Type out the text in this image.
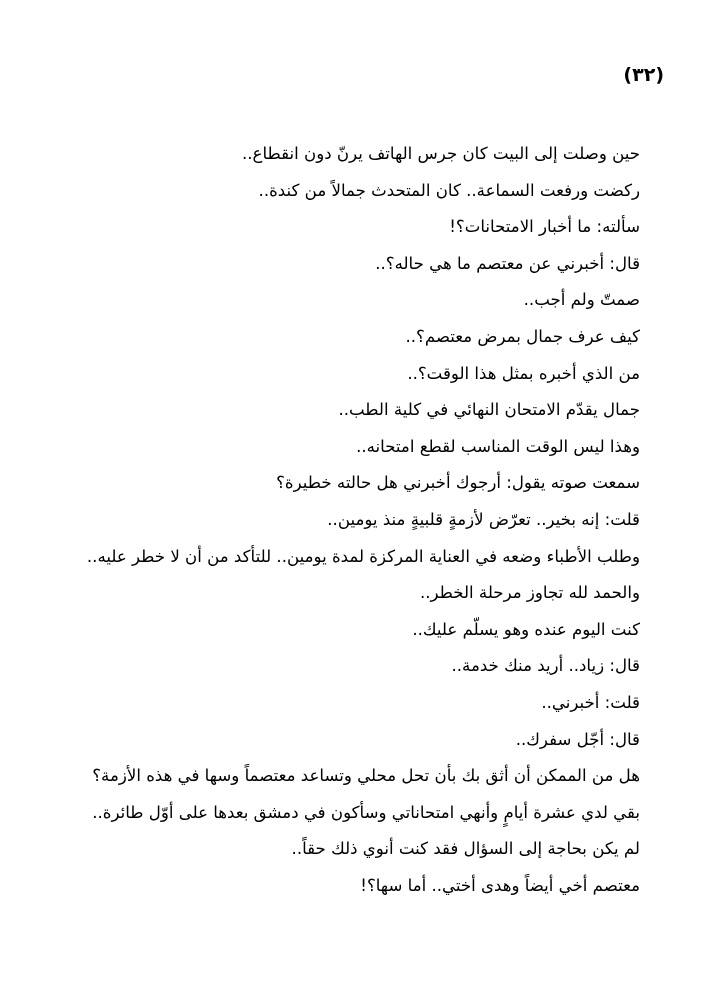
(٣٢)
حين وصلت إلى البيت كان جرس الهاتف يرنّ دون انقطاع..
ركضت ورفعت السماعة.. كان المتحدث جمالاً من كندة..
سألته: ما أخبار الامتحانات؟!
قال: أخبرني عن معتصم ما هي حاله؟..
صمتّ ولم أجب..
كيف عرف جمال بمرض معتصم؟..
من الذي أخبره بمثل هذا الوقت؟..
جمال يقدّم الامتحان النهائي في كلية الطب..
وهذا ليس الوقت المناسب لقطع امتحانه..
سمعت صوته يقول: أرجوك أخبرني هل حالته خطيرة؟
قلت: إنه بخير.. تعرّض لأزمةٍ قلبيةٍ منذ يومين..
وطلب الأطباء وضعه في العناية المركزة لمدة يومين.. للتأكد من أن لا خطر عليه..
والحمد لله تجاوز مرحلة الخطر..
كنت اليوم عنده وهو يسلّم عليك..
قال: زياد.. أريد منك خدمة..
قلت: أخبرني..
قال: أجّل سفرك..
هل من الممكن أن أثق بك بأن تحل محلي وتساعد معتصماً وسها في هذه الأزمة؟
بقي لدي عشرة أيامٍ وأنهي امتحاناتي وسأكون في دمشق بعدها على أوّل طائرة..
لم يكن بحاجة إلى السؤال فقد كنت أنوي ذلك حقاً..
معتصم أخي أيضاً وهدى أختي.. أما سها؟!
